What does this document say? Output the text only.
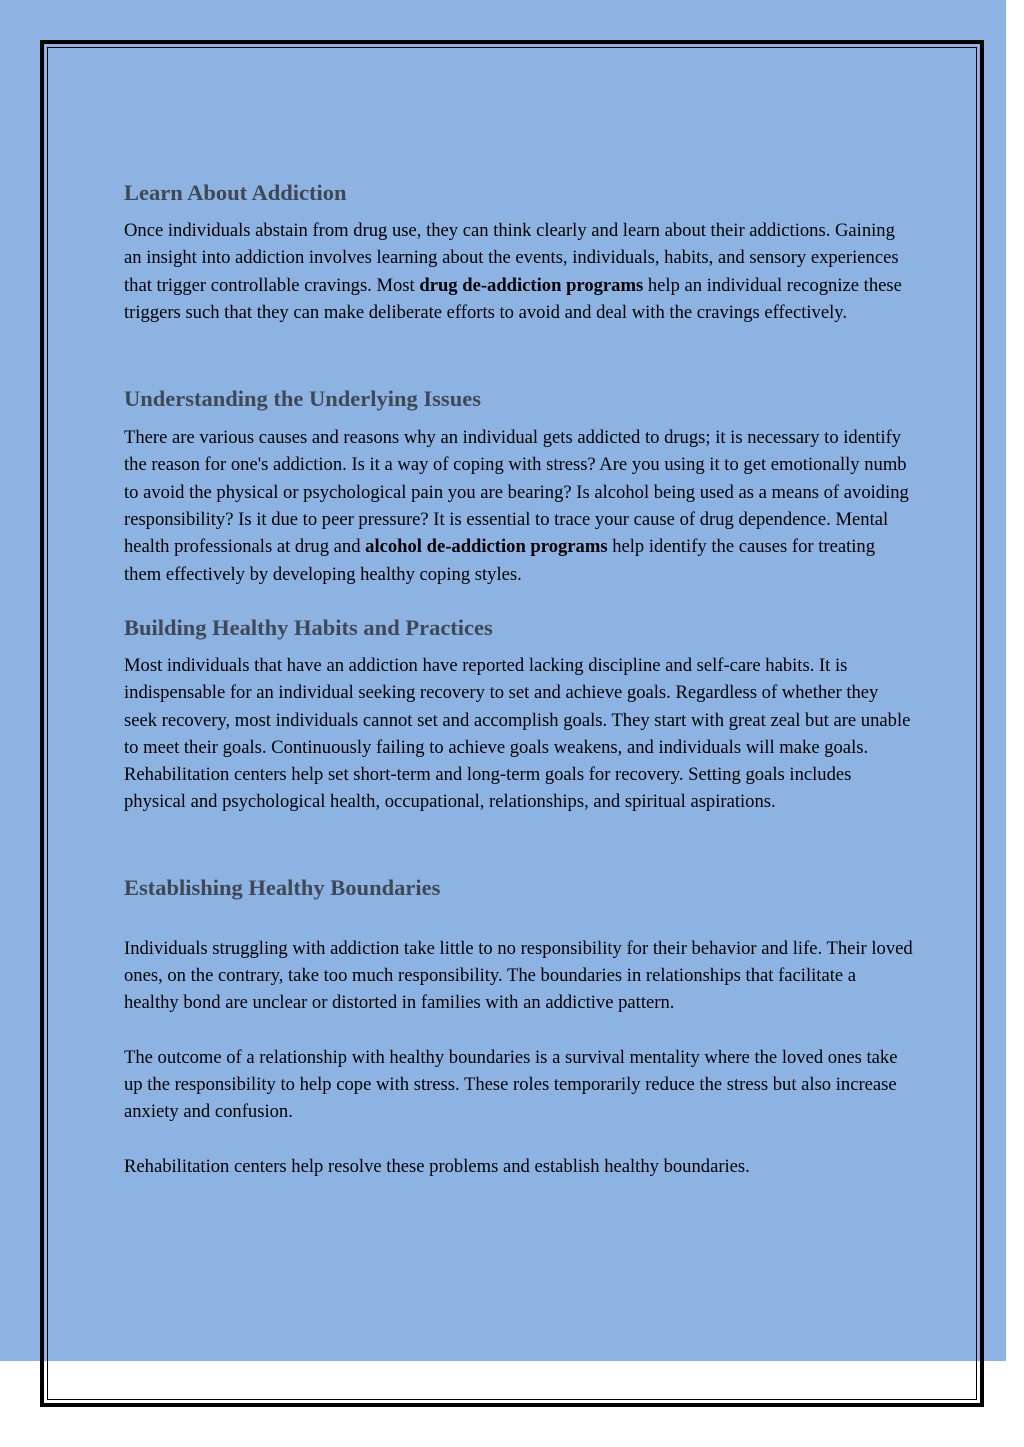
Learn About Addiction

Once individuals abstain from drug use, they can think clearly and learn about their addictions. Gaining an insight into addiction involves learning about the events, individuals, habits, and sensory experiences that trigger controllable cravings. Most drug de-addiction programs help an individual recognize these triggers such that they can make deliberate efforts to avoid and deal with the cravings effectively.

Understanding the Underlying Issues

There are various causes and reasons why an individual gets addicted to drugs; it is necessary to identify the reason for one's addiction. Is it a way of coping with stress? Are you using it to get emotionally numb to avoid the physical or psychological pain you are bearing? Is alcohol being used as a means of avoiding responsibility? Is it due to peer pressure? It is essential to trace your cause of drug dependence. Mental health professionals at drug and alcohol de-addiction programs help identify the causes for treating them effectively by developing healthy coping styles.

Building Healthy Habits and Practices

Most individuals that have an addiction have reported lacking discipline and self-care habits. It is indispensable for an individual seeking recovery to set and achieve goals. Regardless of whether they seek recovery, most individuals cannot set and accomplish goals. They start with great zeal but are unable to meet their goals. Continuously failing to achieve goals weakens, and individuals will make goals. Rehabilitation centers help set short-term and long-term goals for recovery. Setting goals includes physical and psychological health, occupational, relationships, and spiritual aspirations.

Establishing Healthy Boundaries

Individuals struggling with addiction take little to no responsibility for their behavior and life. Their loved ones, on the contrary, take too much responsibility. The boundaries in relationships that facilitate a healthy bond are unclear or distorted in families with an addictive pattern.

The outcome of a relationship with healthy boundaries is a survival mentality where the loved ones take up the responsibility to help cope with stress. These roles temporarily reduce the stress but also increase anxiety and confusion.

Rehabilitation centers help resolve these problems and establish healthy boundaries.
